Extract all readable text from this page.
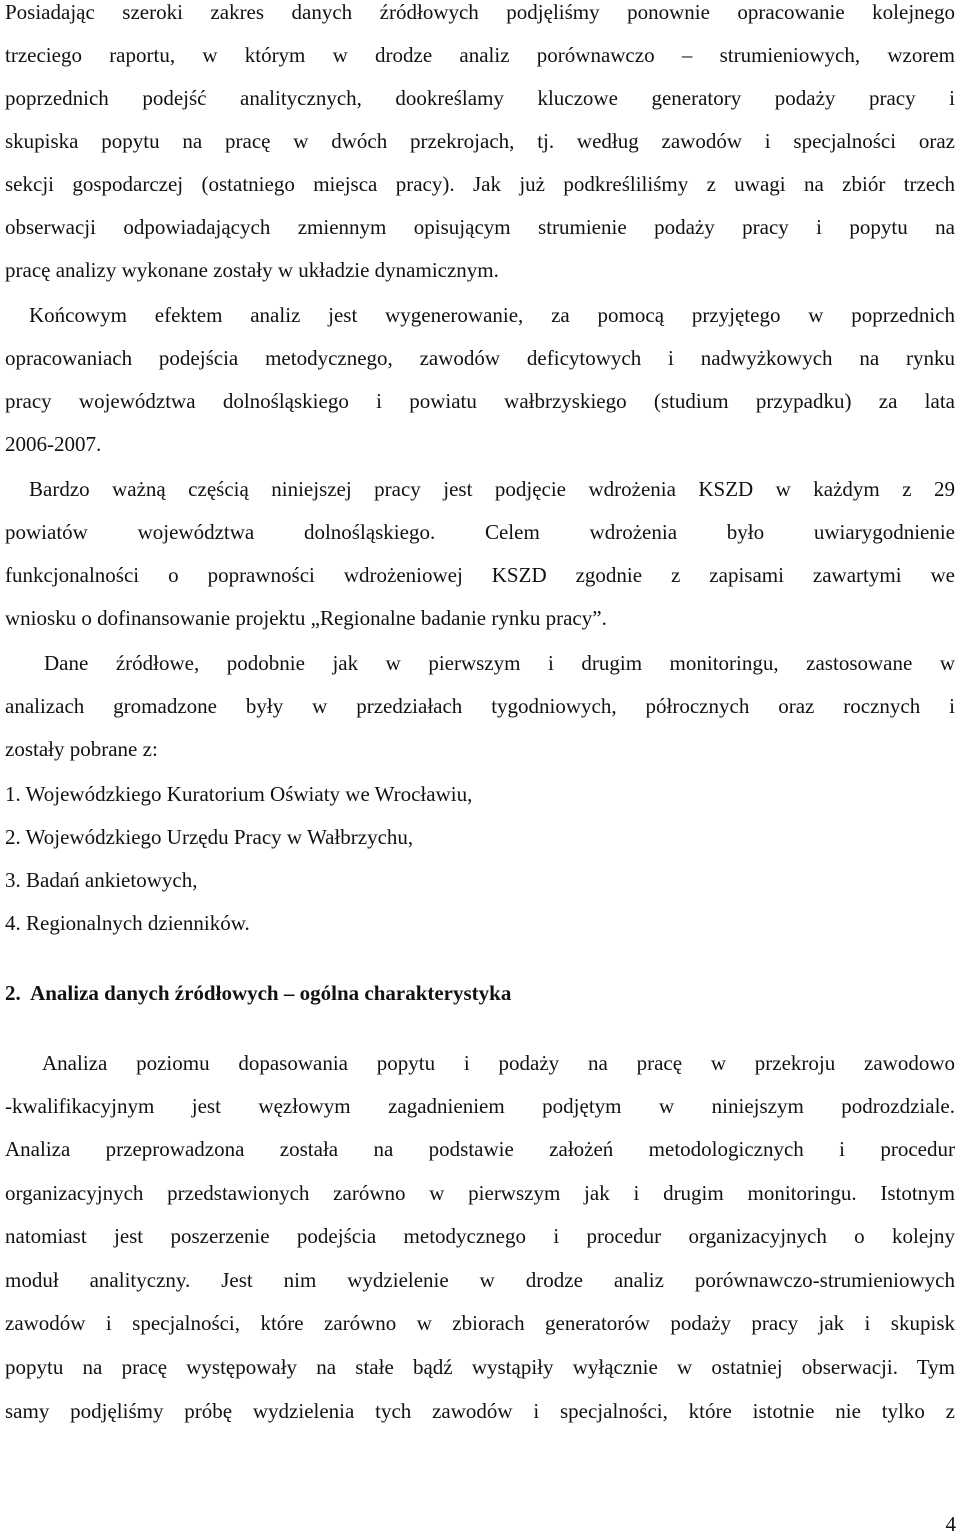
Posiadając szeroki zakres danych źródłowych podjęliśmy ponownie opracowanie kolejnego
trzeciego raportu, w którym w drodze analiz porównawczo – strumieniowych, wzorem
poprzednich podejść analitycznych, dookreślamy kluczowe generatory podaży pracy i
skupiska popytu na pracę w dwóch przekrojach, tj. według zawodów i specjalności oraz
sekcji gospodarczej (ostatniego miejsca pracy). Jak już podkreśliliśmy z uwagi na zbiór trzech
obserwacji odpowiadających zmiennym opisującym strumienie podaży pracy i popytu na
pracę analizy wykonane zostały w układzie dynamicznym.
Końcowym efektem analiz jest wygenerowanie, za pomocą przyjętego w poprzednich
opracowaniach podejścia metodycznego, zawodów deficytowych i nadwyżkowych na rynku
pracy województwa dolnośląskiego i powiatu wałbrzyskiego (studium przypadku) za lata
2006-2007.
Bardzo ważną częścią niniejszej pracy jest podjęcie wdrożenia KSZD w każdym z 29
powiatów województwa dolnośląskiego. Celem wdrożenia było uwiarygodnienie
funkcjonalności o poprawności wdrożeniowej KSZD zgodnie z zapisami zawartymi we
wniosku o dofinansowanie projektu „Regionalne badanie rynku pracy”.
Dane źródłowe, podobnie jak w pierwszym i drugim monitoringu, zastosowane w
analizach gromadzone były w przedziałach tygodniowych, półrocznych oraz rocznych i
zostały pobrane z:
1. Wojewódzkiego Kuratorium Oświaty we Wrocławiu,
2. Wojewódzkiego Urzędu Pracy w Wałbrzychu,
3. Badań ankietowych,
4. Regionalnych dzienników.
2.  Analiza danych źródłowych – ogólna charakterystyka
Analiza poziomu dopasowania popytu i podaży na pracę w przekroju zawodowo
-kwalifikacyjnym jest węzłowym zagadnieniem podjętym w niniejszym podrozdziale.
Analiza przeprowadzona została na podstawie założeń metodologicznych i procedur
organizacyjnych przedstawionych zarówno w pierwszym jak i drugim monitoringu. Istotnym
natomiast jest poszerzenie podejścia metodycznego i procedur organizacyjnych o kolejny
moduł analityczny. Jest nim wydzielenie w drodze analiz porównawczo-strumieniowych
zawodów i specjalności, które zarówno w zbiorach generatorów podaży pracy jak i skupisk
popytu na pracę występowały na stałe bądź wystąpiły wyłącznie w ostatniej obserwacji. Tym
samy podjęliśmy próbę wydzielenia tych zawodów i specjalności, które istotnie nie tylko z
4
